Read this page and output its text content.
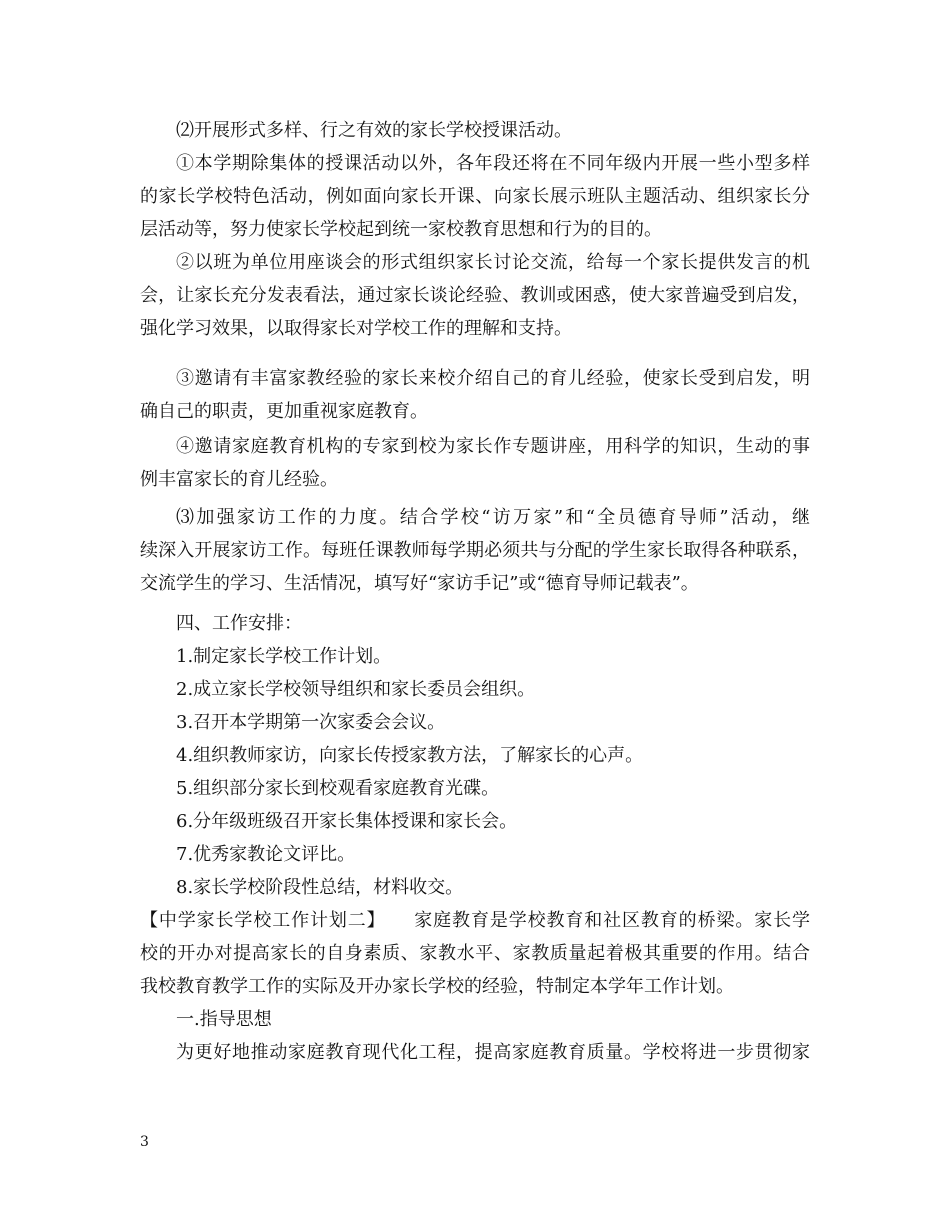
⑵开展形式多样、行之有效的家长学校授课活动。

①本学期除集体的授课活动以外，各年段还将在不同年级内开展一些小型多样
的家长学校特色活动，例如面向家长开课、向家长展示班队主题活动、组织家长分
层活动等，努力使家长学校起到统一家校教育思想和行为的目的。

②以班为单位用座谈会的形式组织家长讨论交流，给每一个家长提供发言的机
会，让家长充分发表看法，通过家长谈论经验、教训或困惑，使大家普遍受到启发，
强化学习效果，以取得家长对学校工作的理解和支持。

③邀请有丰富家教经验的家长来校介绍自己的育儿经验，使家长受到启发，明
确自己的职责，更加重视家庭教育。

④邀请家庭教育机构的专家到校为家长作专题讲座，用科学的知识，生动的事
例丰富家长的育儿经验。

⑶加强家访工作的力度。结合学校“访万家”和“全员德育导师”活动，继
续深入开展家访工作。每班任课教师每学期必须共与分配的学生家长取得各种联系，
交流学生的学习、生活情况，填写好“家访手记”或“德育导师记载表”。

四、工作安排：

1.制定家长学校工作计划。

2.成立家长学校领导组织和家长委员会组织。

3.召开本学期第一次家委会会议。

4.组织教师家访，向家长传授家教方法，了解家长的心声。

5.组织部分家长到校观看家庭教育光碟。

6.分年级班级召开家长集体授课和家长会。

7.优秀家教论文评比。

8.家长学校阶段性总结，材料收交。

【中学家长学校工作计划二】　　家庭教育是学校教育和社区教育的桥梁。家长学
校的开办对提高家长的自身素质、家教水平、家教质量起着极其重要的作用。结合
我校教育教学工作的实际及开办家长学校的经验，特制定本学年工作计划。

一.指导思想

为更好地推动家庭教育现代化工程，提高家庭教育质量。学校将进一步贯彻家

3
